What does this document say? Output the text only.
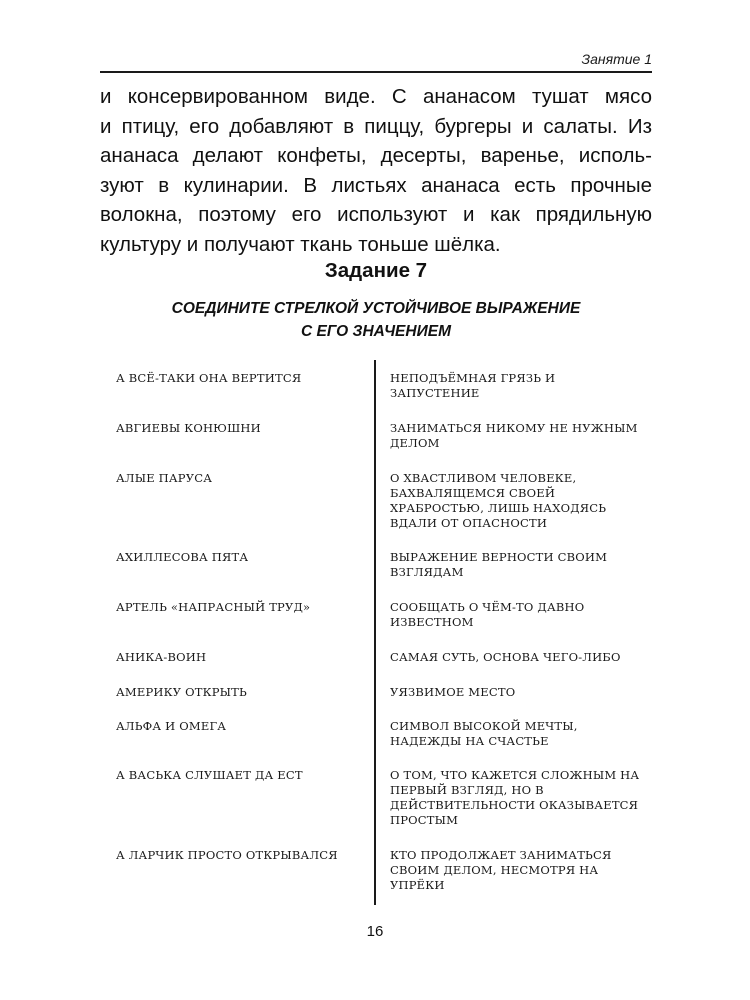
Занятие 1
и консервированном виде. С ананасом тушат мясо
и птицу, его добавляют в пиццу, бургеры и салаты. Из
ананаса делают конфеты, десерты, варенье, исполь-
зуют в кулинарии. В листьях ананаса есть прочные
волокна, поэтому его используют и как прядильную
культуру и получают ткань тоньше шёлка.
Задание 7
СОЕДИНИТЕ СТРЕЛКОЙ УСТОЙЧИВОЕ ВЫРАЖЕНИЕ
С ЕГО ЗНАЧЕНИЕМ
А ВСЁ-ТАКИ ОНА ВЕРТИТСЯ
АВГИЕВЫ КОНЮШНИ
АЛЫЕ ПАРУСА
АХИЛЛЕСОВА ПЯТА
АРТЕЛЬ «НАПРАСНЫЙ ТРУД»
АНИКА-ВОИН
АМЕРИКУ ОТКРЫТЬ
АЛЬФА И ОМЕГА
А ВАСЬКА СЛУШАЕТ ДА ЕСТ
А ЛАРЧИК ПРОСТО ОТКРЫВАЛСЯ
НЕПОДЪЁМНАЯ ГРЯЗЬ И ЗАПУСТЕНИЕ
ЗАНИМАТЬСЯ НИКОМУ НЕ НУЖНЫМ ДЕЛОМ
О ХВАСТЛИВОМ ЧЕЛОВЕКЕ, БАХВАЛЯЩЕМСЯ СВОЕЙ ХРАБРОСТЬЮ, ЛИШЬ НАХОДЯСЬ ВДАЛИ ОТ ОПАСНОСТИ
ВЫРАЖЕНИЕ ВЕРНОСТИ СВОИМ ВЗГЛЯДАМ
СООБЩАТЬ О ЧЁМ-ТО ДАВНО ИЗВЕСТНОМ
САМАЯ СУТЬ, ОСНОВА ЧЕГО-ЛИБО
УЯЗВИМОЕ МЕСТО
СИМВОЛ ВЫСОКОЙ МЕЧТЫ, НАДЕЖДЫ НА СЧАСТЬЕ
О ТОМ, ЧТО КАЖЕТСЯ СЛОЖНЫМ НА ПЕРВЫЙ ВЗГЛЯД, НО В ДЕЙСТВИТЕЛЬНОСТИ ОКАЗЫВАЕТСЯ ПРОСТЫМ
КТО ПРОДОЛЖАЕТ ЗАНИМАТЬСЯ СВОИМ ДЕЛОМ, НЕСМОТРЯ НА УПРЁКИ
16
